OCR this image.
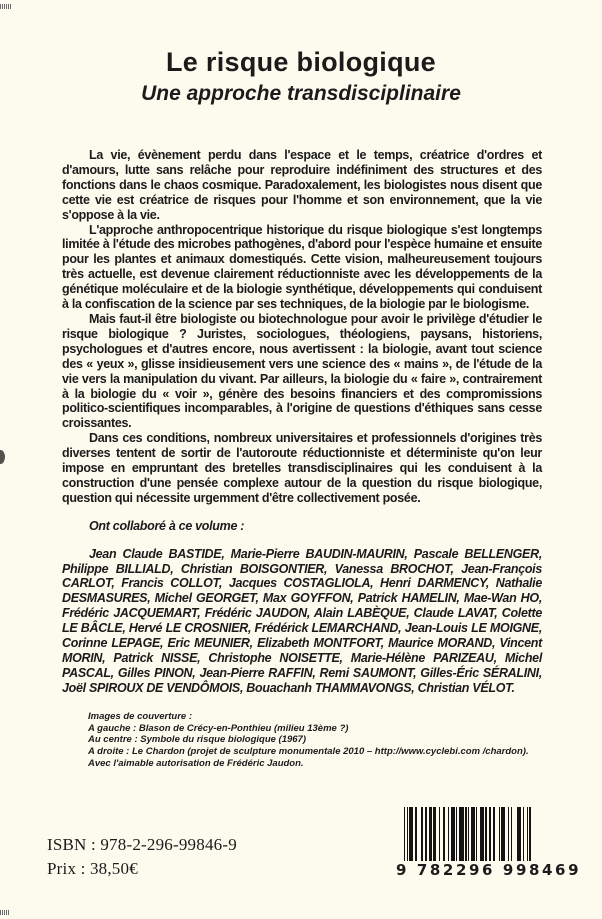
Le risque biologique
Une approche transdisciplinaire

La vie, évènement perdu dans l'espace et le temps, créatrice d'ordres et d'amours, lutte sans relâche pour reproduire indéfiniment des structures et des fonctions dans le chaos cosmique. Paradoxalement, les biologistes nous disent que cette vie est créatrice de risques pour l'homme et son environnement, que la vie s'oppose à la vie.

L'approche anthropocentrique historique du risque biologique s'est longtemps limitée à l'étude des microbes pathogènes, d'abord pour l'espèce humaine et ensuite pour les plantes et animaux domestiqués. Cette vision, malheureusement toujours très actuelle, est devenue clairement réductionniste avec les développements de la génétique moléculaire et de la biologie synthétique, développements qui conduisent à la confiscation de la science par ses techniques, de la biologie par le biologisme.

Mais faut-il être biologiste ou biotechnologue pour avoir le privilège d'étudier le risque biologique ? Juristes, sociologues, théologiens, paysans, historiens, psychologues et d'autres encore, nous avertissent : la biologie, avant tout science des « yeux », glisse insidieusement vers une science des « mains », de l'étude de la vie vers la manipulation du vivant. Par ailleurs, la biologie du « faire », contrairement à la biologie du « voir », génère des besoins financiers et des compromissions politico-scientifiques incomparables, à l'origine de questions d'éthiques sans cesse croissantes.

Dans ces conditions, nombreux universitaires et professionnels d'origines très diverses tentent de sortir de l'autoroute réductionniste et déterministe qu'on leur impose en empruntant des bretelles transdisciplinaires qui les conduisent à la construction d'une pensée complexe autour de la question du risque biologique, question qui nécessite urgemment d'être collectivement posée.

Ont collaboré à ce volume :

Jean Claude BASTIDE, Marie-Pierre BAUDIN-MAURIN, Pascale BELLENGER, Philippe BILLIALD, Christian BOISGONTIER, Vanessa BROCHOT, Jean-François CARLOT, Francis COLLOT, Jacques COSTAGLIOLA, Henri DARMENCY, Nathalie DESMASURES, Michel GEORGET, Max GOYFFON, Patrick HAMELIN, Mae-Wan HO, Frédéric JACQUEMART, Frédéric JAUDON, Alain LABÈQUE, Claude LAVAT, Colette LE BÂCLE, Hervé LE CROSNIER, Frédérick LEMARCHAND, Jean-Louis LE MOIGNE, Corinne LEPAGE, Eric MEUNIER, Elizabeth MONTFORT, Maurice MORAND, Vincent MORIN, Patrick NISSE, Christophe NOISETTE, Marie-Hélène PARIZEAU, Michel PASCAL, Gilles PINON, Jean-Pierre RAFFIN, Remi SAUMONT, Gilles-Éric SÉRALINI, Joël SPIROUX DE VENDÔMOIS, Bouachanh THAMMAVONGS, Christian VÉLOT.

Images de couverture :
A gauche : Blason de Crécy-en-Ponthieu (milieu 13ème ?)
Au centre : Symbole du risque biologique (1967)
A droite : Le Chardon (projet de sculpture monumentale 2010 – http://www.cyclebi.com /chardon).
Avec l'aimable autorisation de Frédéric Jaudon.
ISBN : 978-2-296-99846-9
Prix : 38,50€	9 782296 998469
